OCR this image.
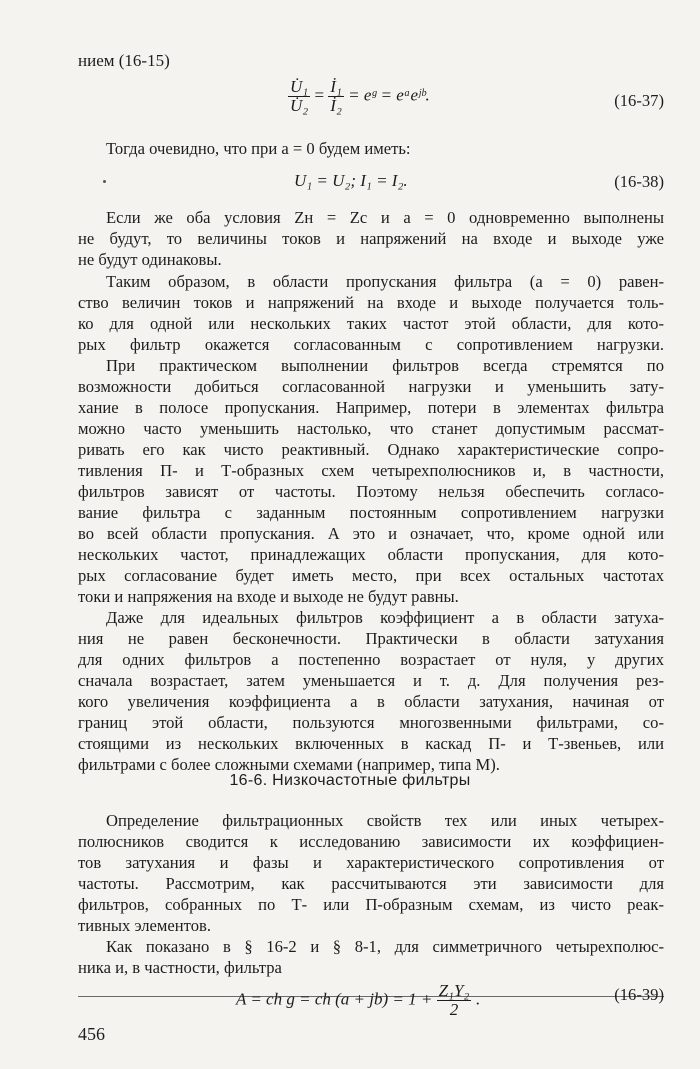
нием (16-15)
$\frac{\text{U̇₁}}{\text{U̇₂}} = \frac{\text{İ₁}}{\text{İ₂}}$ = eᵍ = eᵃeʲᵇ.	(16-37)
Тогда очевидно, что при a = 0 будем иметь:
U₁ = U₂; I₁ = I₂.	(16-38)
Если же оба условия Zн = Zc и a = 0 одновременно выполнены
не будут, то величины токов и напряжений на входе и выходе уже
не будут одинаковы.
Таким образом, в области пропускания фильтра (a = 0) равен-
ство величин токов и напряжений на входе и выходе получается толь-
ко для одной или нескольких таких частот этой области, для кото-
рых фильтр окажется согласованным с сопротивлением нагрузки.
При практическом выполнении фильтров всегда стремятся по
возможности добиться согласованной нагрузки и уменьшить зату-
хание в полосе пропускания. Например, потери в элементах фильтра
можно часто уменьшить настолько, что станет допустимым рассмат-
ривать его как чисто реактивный. Однако характеристические сопро-
тивления П- и Т-образных схем четырехполюсников и, в частности,
фильтров зависят от частоты. Поэтому нельзя обеспечить согласо-
вание фильтра с заданным постоянным сопротивлением нагрузки
во всей области пропускания. А это и означает, что, кроме одной или
нескольких частот, принадлежащих области пропускания, для кото-
рых согласование будет иметь место, при всех остальных частотах
токи и напряжения на входе и выходе не будут равны.
Даже для идеальных фильтров коэффициент a в области затуха-
ния не равен бесконечности. Практически в области затухания
для одних фильтров a постепенно возрастает от нуля, у других
сначала возрастает, затем уменьшается и т. д. Для получения рез-
кого увеличения коэффициента a в области затухания, начиная от
границ этой области, пользуются многозвенными фильтрами, со-
стоящими из нескольких включенных в каскад П- и Т-звеньев, или
фильтрами с более сложными схемами (например, типа M).
16-6. Низкочастотные фильтры
Определение фильтрационных свойств тех или иных четырех-
полюсников сводится к исследованию зависимости их коэффициен-
тов затухания и фазы и характеристического сопротивления от
частоты. Рассмотрим, как рассчитываются эти зависимости для
фильтров, собранных по Т- или П-образным схемам, из чисто реак-
тивных элементов.
Как показано в § 16-2 и § 8-1, для симметричного четырехполюс-
ника и, в частности, фильтра
A = ch g = ch $(a + jb) = 1 + \frac{\text{Z₁Y₂}}{2}$ .	(16-39)
456
